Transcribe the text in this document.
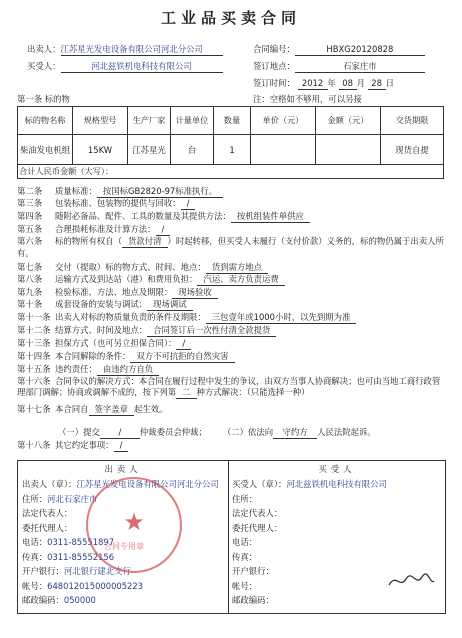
工业品买卖合同
出卖人：江苏星光发电设备有限公司河北分公司
买受人：	河北兹铁机电科技有限公司
合同编号：	HBXG20120828
签订地点：	石家庄市
签订时间： 2012 年 08 月 28 日
注：空格如不够用，可以另接
第一条 标的物
标的物名称	规格型号	生产厂家	计量单位	数量	单价（元）	金额（元）	交货期限
柴油发电机组	15KW	江苏星光	台	1			现货自提
合计人民币金额（大写）：							
第二条 质量标准： 按国标GB2820-97标准执行。
第三条 包装标准、包装物的提供与回收： /
第四条 随附必备品、配件、工具的数量及其提供方法： 按机组装件单供应
第五条 合理损耗标准及计算方法： /
第六条 标的物所有权自（ 货款付清 ）时起转移，但买受人未履行（支付价款）义务的，标的物仍属于出卖人所有。
第七条 交付（提取）标的物方式、时间、地点： 货到需方地点
第八条 运输方式及到达站（港）和费用负担： 汽运、卖方负责运费
第九条 检验标准、方法、地点及期限： 现场验收
第十条 成套设备的安装与调试： 现场调试
第十一条 出卖人对标的物质量负责的条件及期限： 三包壹年或1000小时，以先到期为准
第十二条 结算方式、时间及地点： 合同签订后一次性付清全款提货
第十三条 担保方式（也可另立担保合同）： /
第十四条 本合同解除的条件： 双方不可抗拒的自然灾害
第十五条 违约责任： 由违约方自负
第十六条 合同争议的解决方式：本合同在履行过程中发生的争议，由双方当事人协商解决；也可由当地工商行政管理部门调解；协商或调解不成的，按下列第 二 种方式解决：（只能选择一种）
第十七条 本合同自 签字盖章 起生效。
第十八条 其它约定事项： /
（一）提交 / 仲裁委员会仲裁； （二）依法向 守约方 人民法院起诉。
出卖人	买受人
出卖人（章）：江苏星光发电设备有限公司河北分公司
住所：河北石家庄市
法定代表人：
委托代理人：
电话：0311-85551897
传真：0311-85552156
开户银行：河北银行建北支行
帐号：648012015000005223
邮政编码：050000
买受人（章）：河北兹铁机电科技有限公司
住所：
法定代表人：
委托代理人：
电话：
传真：
开户银行：
帐号：
邮政编码：
★
合同专用章
